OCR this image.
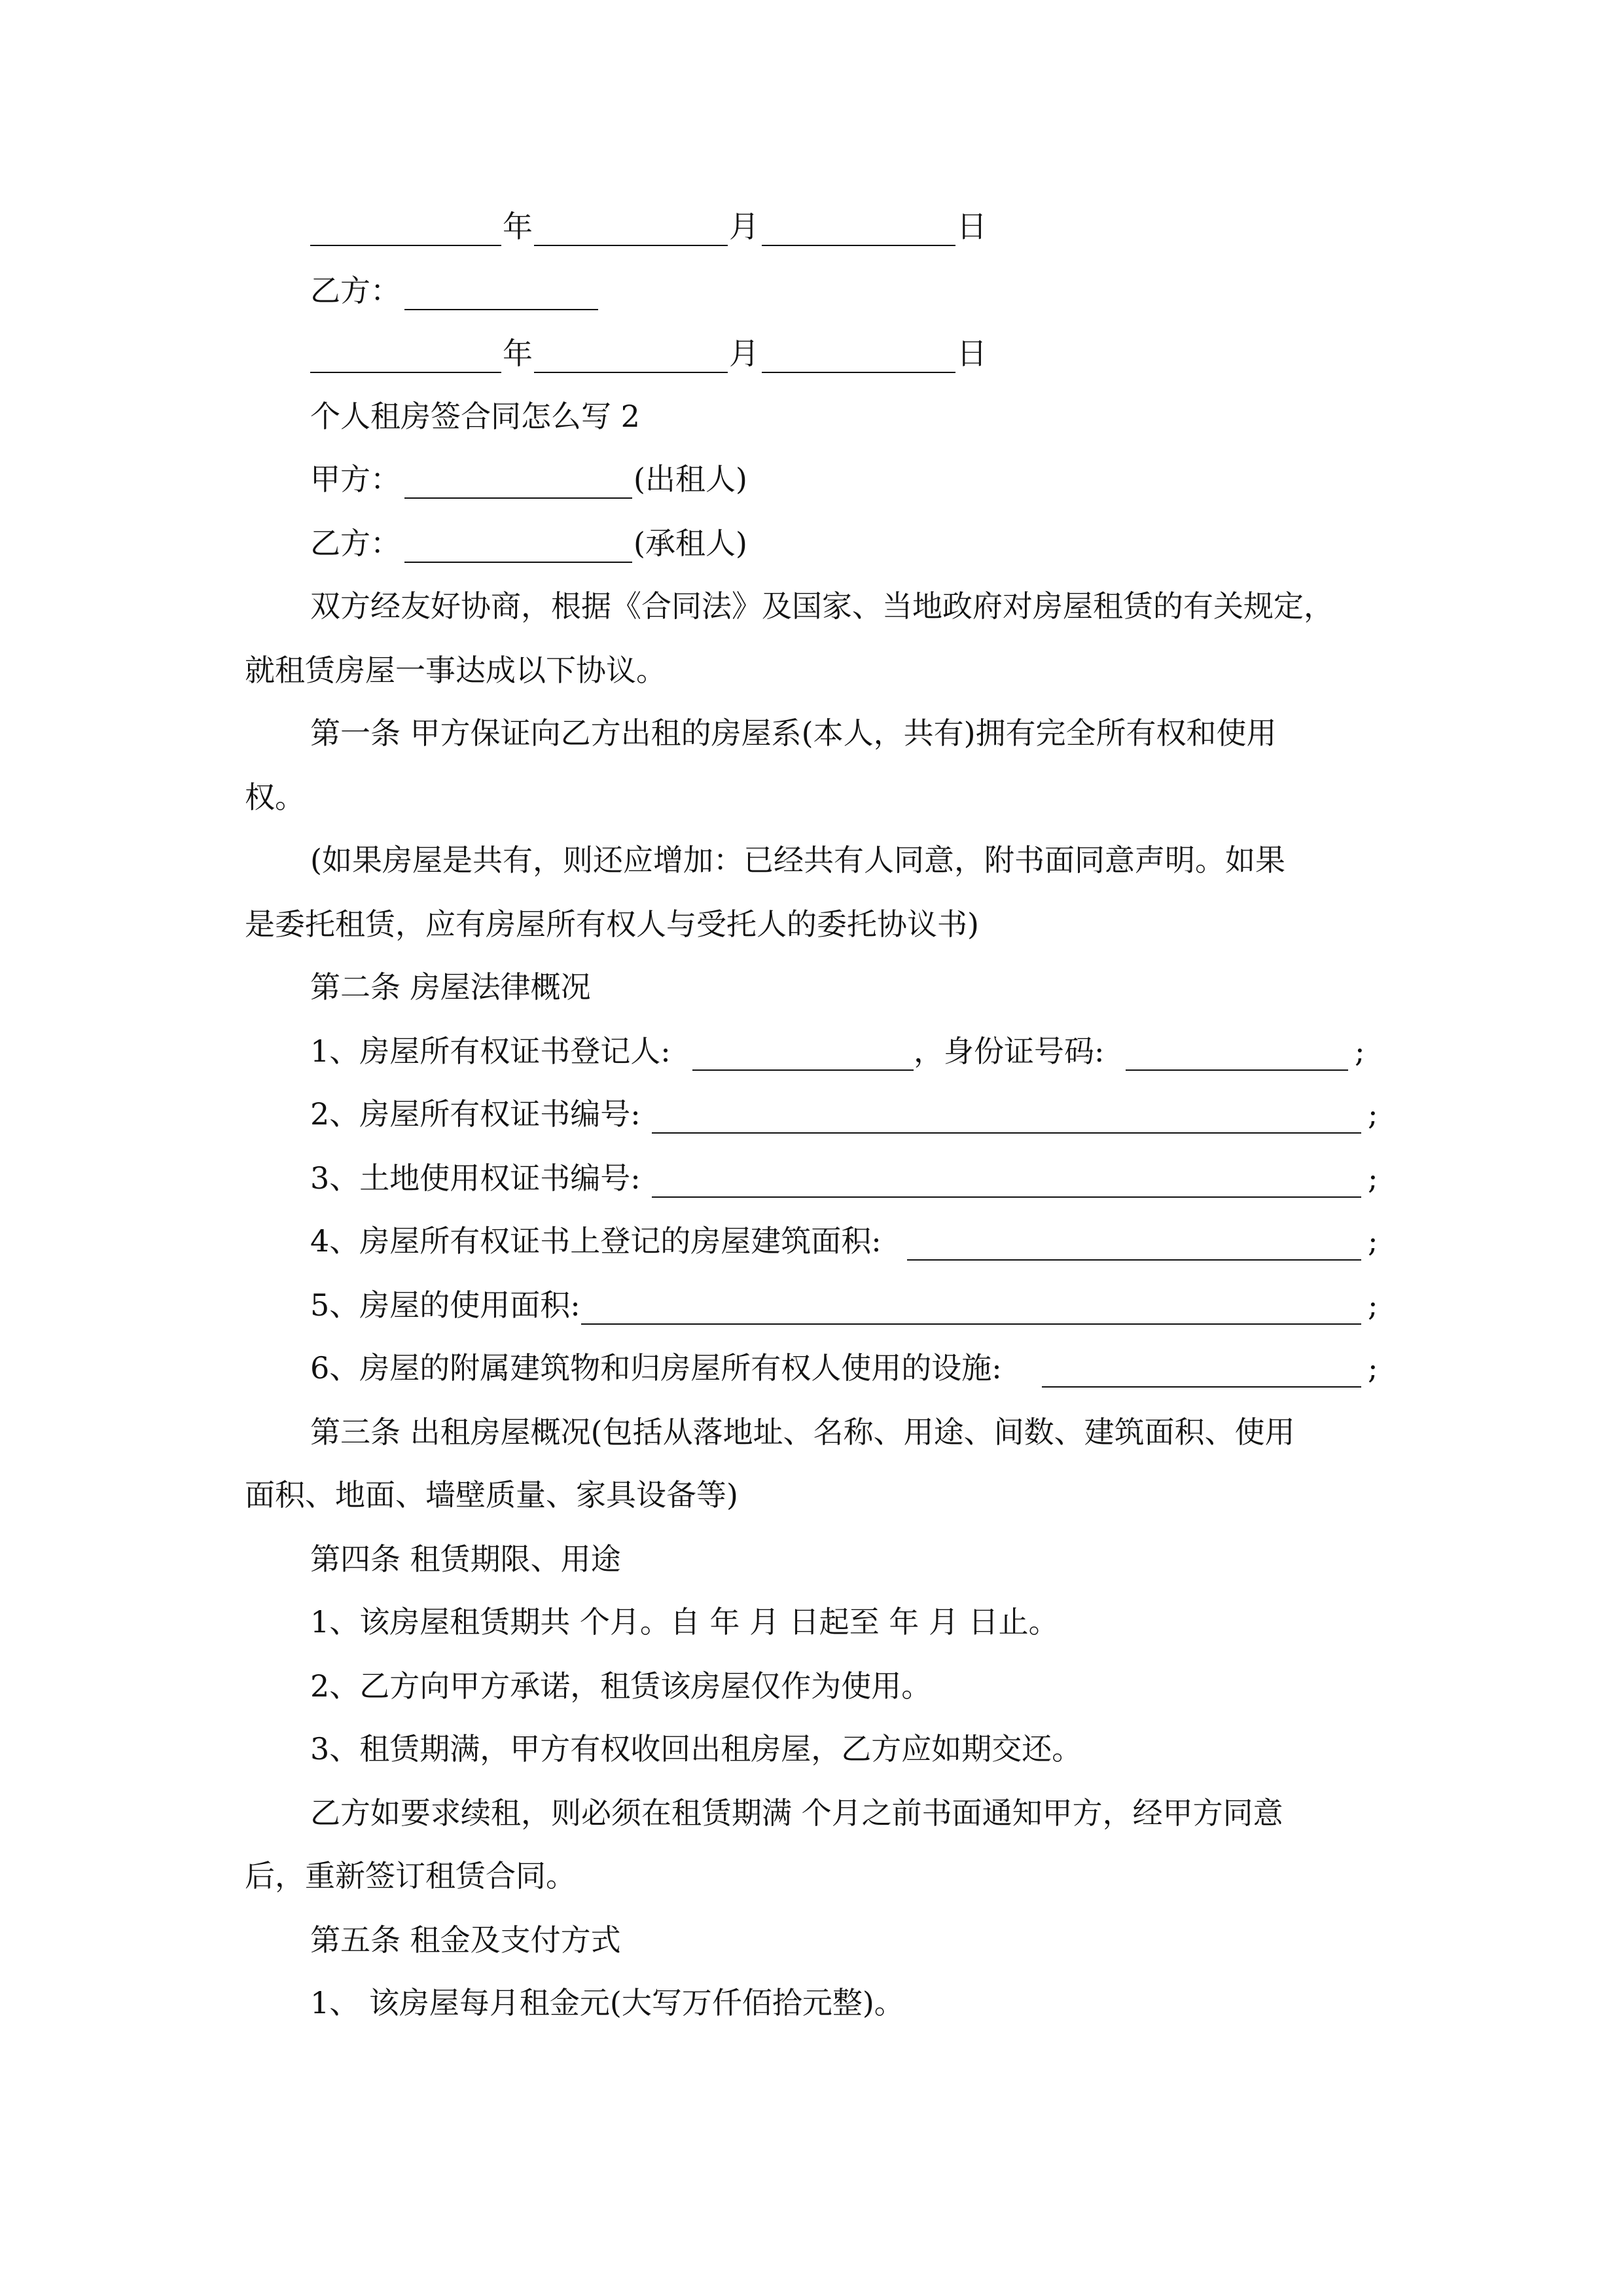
年	月	日
乙方：
年	月	日
个人租房签合同怎么写 2
甲方：	(出租人)
乙方：	(承租人)
双方经友好协商，根据《合同法》及国家、当地政府对房屋租赁的有关规定，
就租赁房屋一事达成以下协议。
第一条 甲方保证向乙方出租的房屋系(本人，共有)拥有完全所有权和使用
权。
(如果房屋是共有，则还应增加：已经共有人同意，附书面同意声明。如果
是委托租赁，应有房屋所有权人与受托人的委托协议书)
第二条 房屋法律概况
1、房屋所有权证书登记人:	，身份证号码:	;
2、房屋所有权证书编号:	;
3、土地使用权证书编号:	;
4、房屋所有权证书上登记的房屋建筑面积:	;
5、房屋的使用面积:	;
6、房屋的附属建筑物和归房屋所有权人使用的设施:	;
第三条 出租房屋概况(包括从落地址、名称、用途、间数、建筑面积、使用
面积、地面、墙壁质量、家具设备等)
第四条 租赁期限、用途
1、该房屋租赁期共 个月。自 年 月 日起至 年 月 日止。
2、乙方向甲方承诺，租赁该房屋仅作为使用。
3、租赁期满，甲方有权收回出租房屋，乙方应如期交还。
乙方如要求续租，则必须在租赁期满 个月之前书面通知甲方，经甲方同意
后，重新签订租赁合同。
第五条 租金及支付方式
1、 该房屋每月租金元(大写万仟佰拾元整)。
